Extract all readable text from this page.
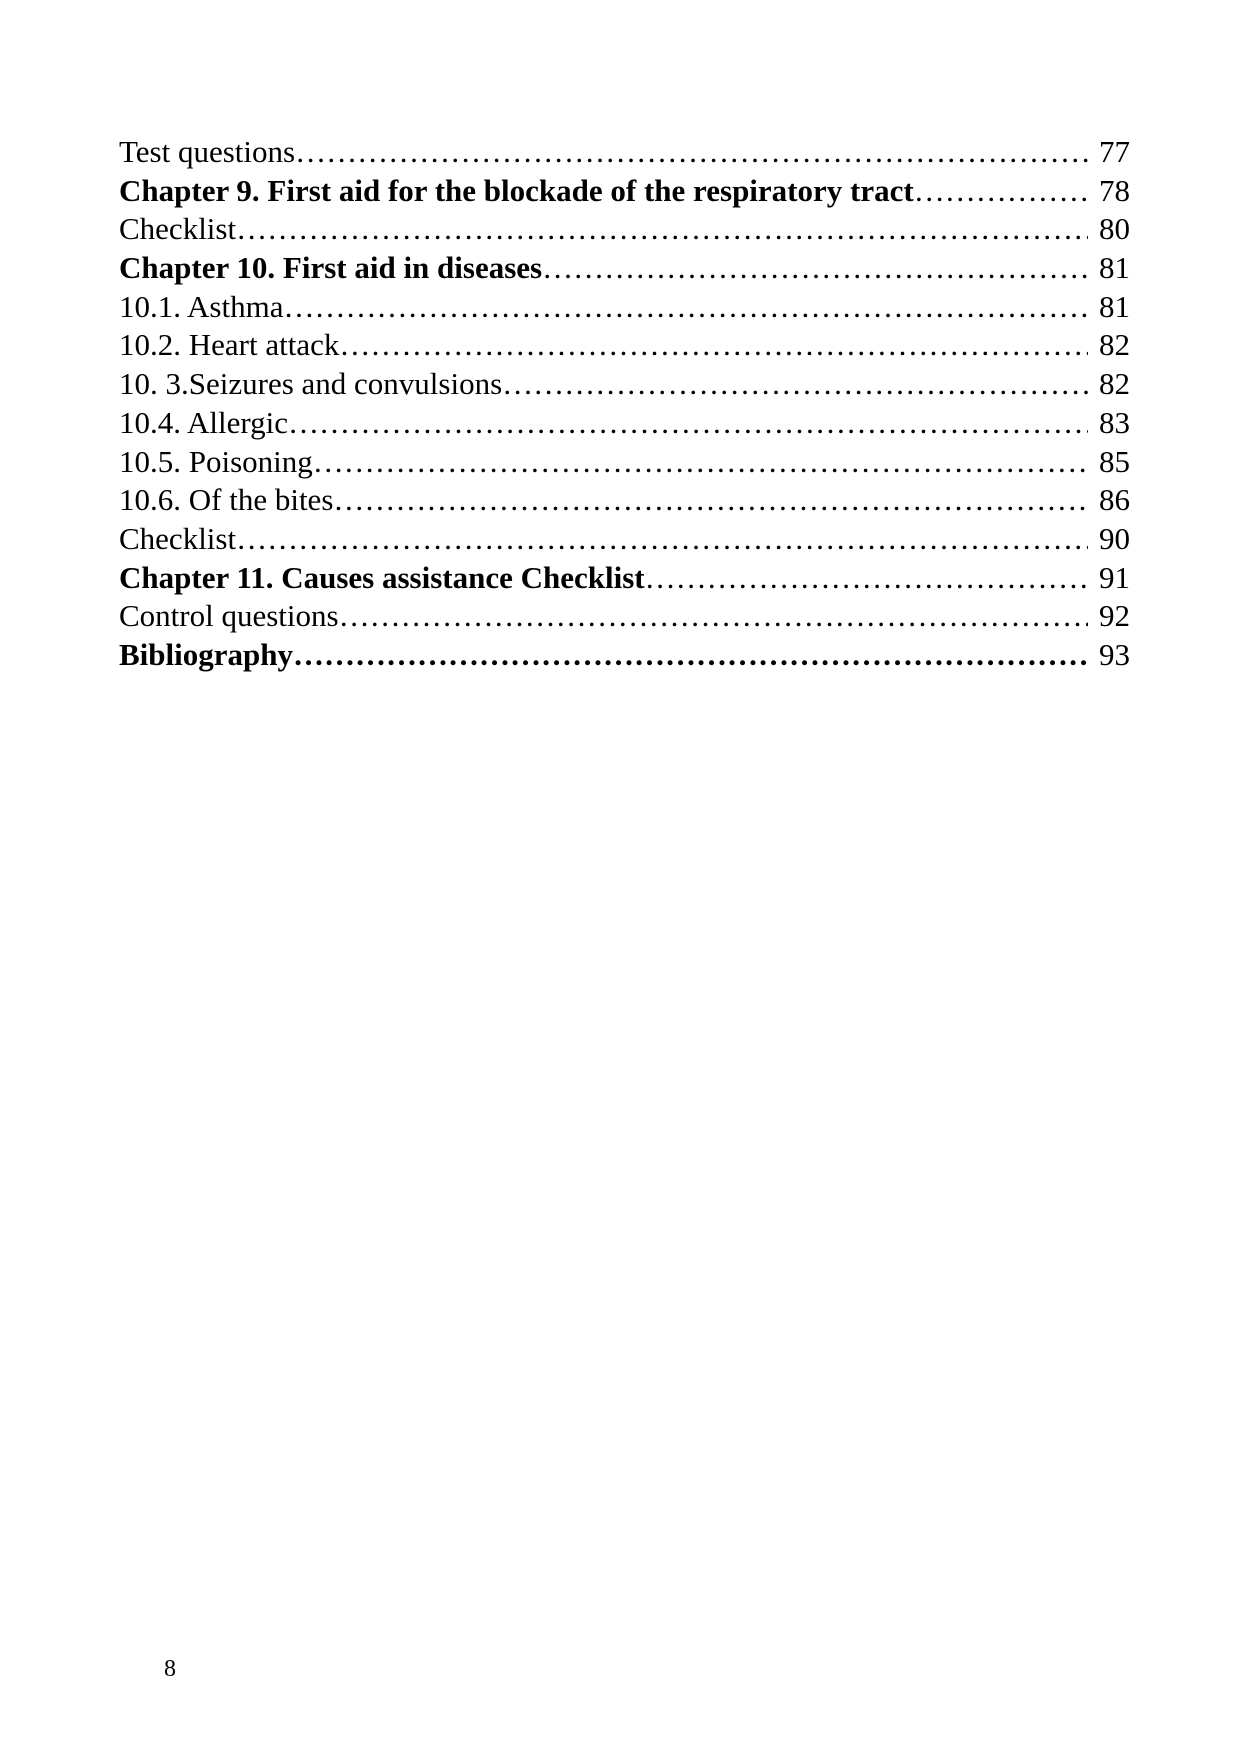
Test questions ……………………………………………………………………………………………………………………………………………………	77
Chapter 9. First aid for the blockade of the respiratory tract ……………………………………………………………………………………………………………………………………………………	78
Checklist ……………………………………………………………………………………………………………………………………………………	80
Chapter 10. First aid in diseases ……………………………………………………………………………………………………………………………………………………	81
10.1. Asthma ……………………………………………………………………………………………………………………………………………………	81
10.2. Heart attack ……………………………………………………………………………………………………………………………………………………	82
10. 3.Seizures and convulsions ……………………………………………………………………………………………………………………………………………………	82
10.4. Allergic ……………………………………………………………………………………………………………………………………………………	83
10.5. Poisoning ……………………………………………………………………………………………………………………………………………………	85
10.6. Of the bites ……………………………………………………………………………………………………………………………………………………	86
Checklist ……………………………………………………………………………………………………………………………………………………	90
Chapter 11. Causes assistance Checklist ……………………………………………………………………………………………………………………………………………………	91
Control questions ……………………………………………………………………………………………………………………………………………………	92
Bibliography ……………………………………………………………………………………………………………………………………………………	93
8
